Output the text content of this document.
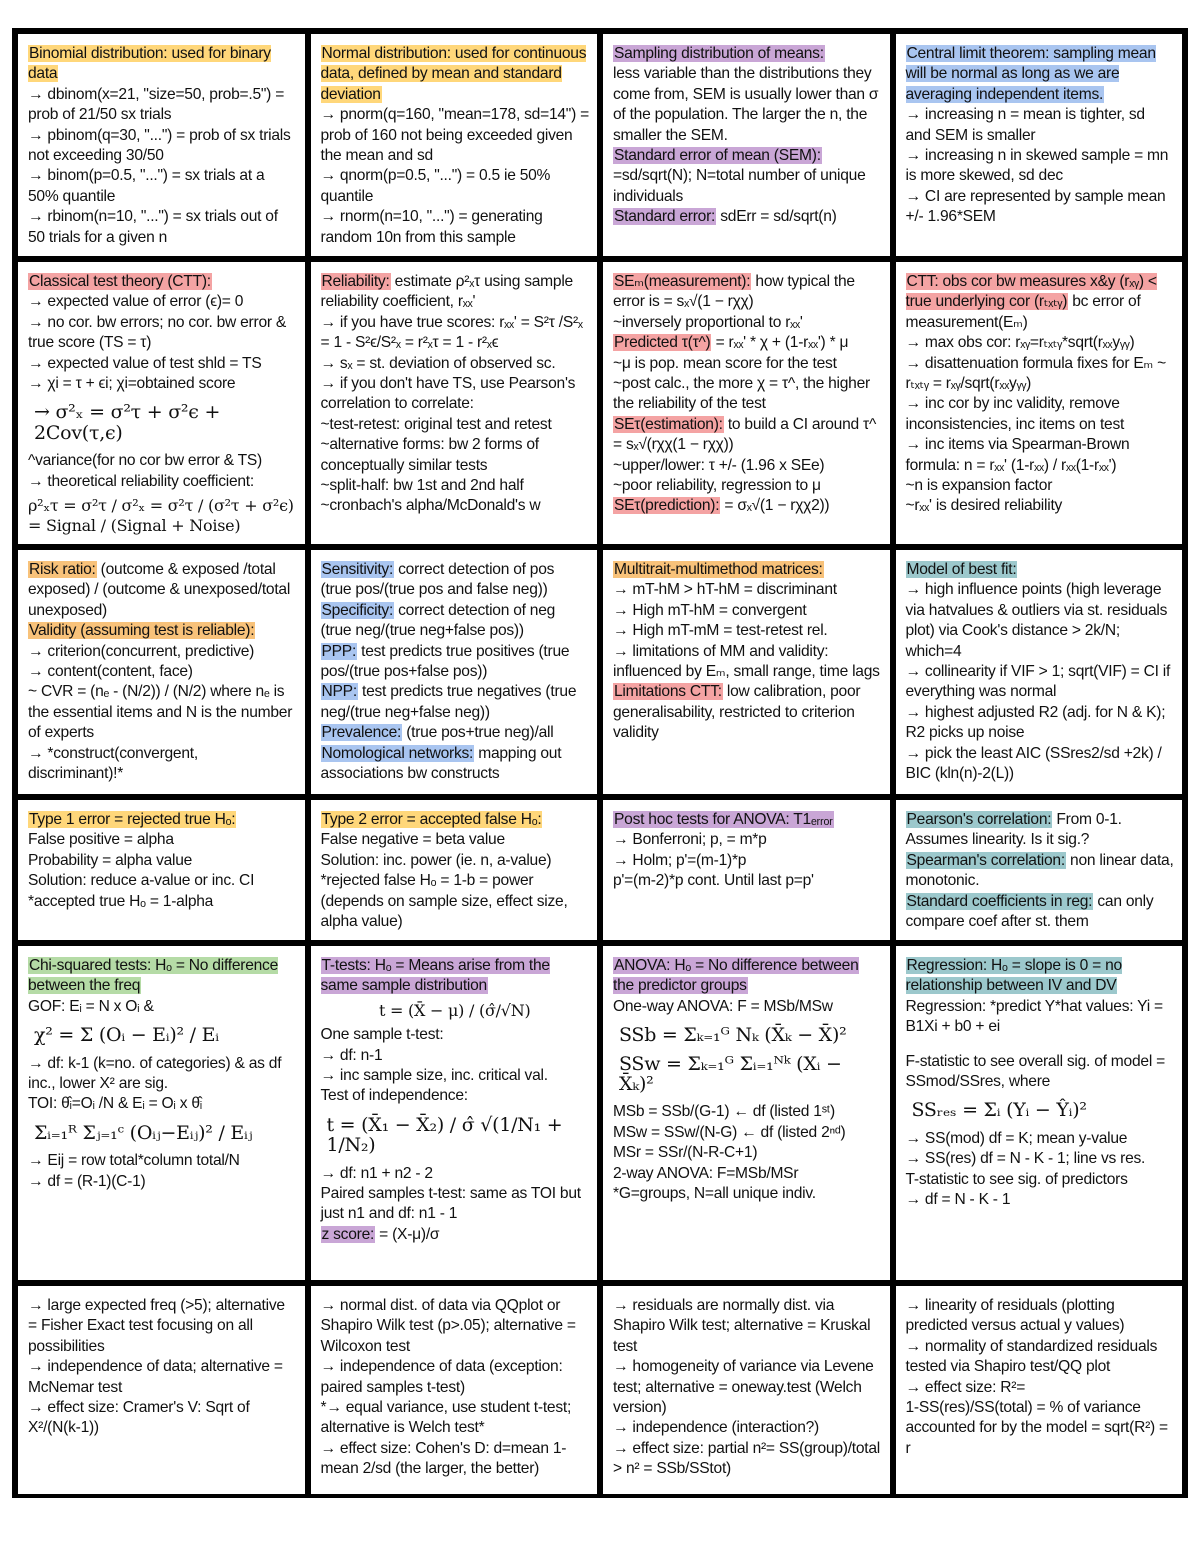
Binomial distribution: used for binary data
→ dbinom(x=21, "size=50, prob=.5") = prob of 21/50 sx trials
→ pbinom(q=30, "...") = prob of sx trials not exceeding 30/50
→ binom(p=0.5, "...") = sx trials at a 50% quantile
→ rbinom(n=10, "...") = sx trials out of 50 trials for a given n
Normal distribution: used for continuous data, defined by mean and standard deviation
→ pnorm(q=160, "mean=178, sd=14") = prob of 160 not being exceeded given the mean and sd
→ qnorm(p=0.5, "...") = 0.5 ie 50% quantile
→ rnorm(n=10, "...") = generating random 10n from this sample
Sampling distribution of means:
less variable than the distributions they come from, SEM is usually lower than σ of the population. The larger the n, the smaller the SEM.
Standard error of mean (SEM):
=sd/sqrt(N); N=total number of unique individuals
Standard error: sdErr = sd/sqrt(n)
Central limit theorem: sampling mean will be normal as long as we are averaging independent items.
→ increasing n = mean is tighter, sd and SEM is smaller
→ increasing n in skewed sample = mn is more skewed, sd dec
→ CI are represented by sample mean +/- 1.96*SEM
Classical test theory (CTT):
→ expected value of error (ϵ)= 0
→ no cor. bw errors; no cor. bw error & true score (TS = τ)
→ expected value of test shld = TS
→ χi = τ + ϵi; χi=obtained score
→ σ²ₓ = σ²τ + σ²ϵ + 2Cov(τ,ϵ)
^variance(for no cor bw error & TS)
→ theoretical reliability coefficient:
ρ²ₓτ = σ²τ / σ²ₓ = σ²τ / (σ²τ + σ²ϵ) = Signal / (Signal + Noise)
Reliability: estimate ρ²ₓτ using sample reliability coefficient, rₓₓ'
→ if you have true scores: rₓₓ' = S²τ /S²ₓ = 1 - S²ϵ/S²ₓ = r²ₓτ = 1 - r²ₓϵ
→ sₓ = st. deviation of observed sc.
→ if you don't have TS, use Pearson's correlation to correlate:
~test-retest: original test and retest
~alternative forms: bw 2 forms of conceptually similar tests
~split-half: bw 1st and 2nd half
~cronbach's alpha/McDonald's w
SEₘ(measurement): how typical the error is = sₓ√(1 − rχχ)
~inversely proportional to rₓₓ'
Predicted τ(τ^) = rₓₓ' * χ + (1-rₓₓ') * μ
~μ is pop. mean score for the test
~post calc., the more χ = τ^, the higher the reliability of the test
SEτ(estimation): to build a CI around τ^ = sₓ√(rχχ(1 − rχχ))
~upper/lower: τ +/- (1.96 x SEe)
~poor reliability, regression to μ
SEτ(prediction): = σₓ√(1 − rχχ2))
CTT: obs cor bw measures x&y (rₓᵧ) < true underlying cor (rₜₓₜᵧ) bc error of measurement(Eₘ)
→ max obs cor: rₓᵧ=rₜₓₜᵧ*sqrt(rₓₓyᵧᵧ)
→ disattenuation formula fixes for Eₘ ~ rₜₓₜᵧ = rₓᵧ/sqrt(rₓₓyᵧᵧ)
→ inc cor by inc validity, remove inconsistencies, inc items on test
→ inc items via Spearman-Brown formula: n = rₓₓ' (1-rₓₓ) / rₓₓ(1-rₓₓ')
~n is expansion factor
~rₓₓ' is desired reliability
Risk ratio: (outcome & exposed /total exposed) / (outcome & unexposed/total unexposed)
Validity (assuming test is reliable):
→ criterion(concurrent, predictive)
→ content(content, face)
~ CVR = (nₑ - (N/2)) / (N/2) where nₑ is the essential items and N is the number of experts
→ *construct(convergent, discriminant)!*
Sensitivity: correct detection of pos (true pos/(true pos and false neg))
Specificity: correct detection of neg (true neg/(true neg+false pos))
PPP: test predicts true positives (true pos/(true pos+false pos))
NPP: test predicts true negatives (true neg/(true neg+false neg))
Prevalence: (true pos+true neg)/all
Nomological networks: mapping out associations bw constructs
Multitrait-multimethod matrices:
→ mT-hM > hT-hM = discriminant
→ High mT-hM = convergent
→ High mT-mM = test-retest rel.
→ limitations of MM and validity: influenced by Eₘ, small range, time lags
Limitations CTT: low calibration, poor generalisability, restricted to criterion validity
Model of best fit:
→ high influence points (high leverage via hatvalues & outliers via st. residuals plot) via Cook's distance > 2k/N; which=4
→ collinearity if VIF > 1; sqrt(VIF) = CI if everything was normal
→ highest adjusted R2 (adj. for N & K); R2 picks up noise
→ pick the least AIC (SSres2/sd +2k) / BIC (kln(n)-2(L))
Type 1 error = rejected true Hₒ:
False positive = alpha
Probability = alpha value
Solution: reduce a-value or inc. CI
*accepted true Hₒ = 1-alpha
Type 2 error = accepted false Hₒ:
False negative = beta value
Solution: inc. power (ie. n, a-value)
*rejected false Hₒ = 1-b = power (depends on sample size, effect size, alpha value)
Post hoc tests for ANOVA: T1ₑᵣᵣₒᵣ
→ Bonferroni; p, = m*p
→ Holm; p'=(m-1)*p
p'=(m-2)*p cont. Until last p=p'
Pearson's correlation: From 0-1. Assumes linearity. Is it sig.?
Spearman's correlation: non linear data, monotonic.
Standard coefficients in reg: can only compare coef after st. them
Chi-squared tests: Hₒ = No difference between the freq
GOF: Eᵢ = N x Oᵢ &
χ² = Σ (Oᵢ − Eᵢ)² / Eᵢ
→ df: k-1 (k=no. of categories) & as df inc., lower X² are sig.
TOI: θ̂ᵢ=Oᵢ /N & Eᵢ = Oᵢ x θ̂ᵢ
Σᵢ₌₁ᴿ Σⱼ₌₁ᶜ (Oᵢⱼ−Eᵢⱼ)² / Eᵢⱼ
→ Eij = row total*column total/N
→ df = (R-1)(C-1)
T-tests: Hₒ = Means arise from the same sample distribution
t = (X̄ − μ) / (σ̂/√N)
One sample t-test:
→ df: n-1
→ inc sample size, inc. critical val.
Test of independence:
t = (X̄₁ − X̄₂) / σ̂ √(1/N₁ + 1/N₂)
→ df: n1 + n2 - 2
Paired samples t-test: same as TOI but just n1 and df: n1 - 1
z score: = (X-μ)/σ
ANOVA: Hₒ = No difference between the predictor groups
One-way ANOVA: F = MSb/MSw
SSb = Σₖ₌₁ᴳ Nₖ (X̄ₖ − X̄)²
SSw = Σₖ₌₁ᴳ Σᵢ₌₁ᴺᵏ (Xᵢ − X̄ₖ)²
MSb = SSb/(G-1) ← df (listed 1ˢᵗ)
MSw = SSw/(N-G) ← df (listed 2ⁿᵈ)
MSr = SSr/(N-R-C+1)
2-way ANOVA: F=MSb/MSr
*G=groups, N=all unique indiv.
Regression: Hₒ = slope is 0 = no relationship between IV and DV
Regression: *predict Y*hat values: Yi = B1Xi + b0 + ei
F-statistic to see overall sig. of model = SSmod/SSres, where
SSᵣₑₛ = Σᵢ (Yᵢ − Ŷᵢ)²
→ SS(mod) df = K; mean y-value
→ SS(res) df = N - K - 1; line vs res.
T-statistic to see sig. of predictors
→ df = N - K - 1
→ large expected freq (>5); alternative = Fisher Exact test focusing on all possibilities
→ independence of data; alternative = McNemar test
→ effect size: Cramer's V: Sqrt of X²/(N(k-1))
→ normal dist. of data via QQplot or Shapiro Wilk test (p>.05); alternative = Wilcoxon test
→ independence of data (exception: paired samples t-test)
*→ equal variance, use student t-test; alternative is Welch test*
→ effect size: Cohen's D: d=mean 1-mean 2/sd (the larger, the better)
→ residuals are normally dist. via Shapiro Wilk test; alternative = Kruskal test
→ homogeneity of variance via Levene test; alternative = oneway.test (Welch version)
→ independence (interaction?)
→ effect size: partial n²= SS(group)/total > n² = SSb/SStot)
→ linearity of residuals (plotting predicted versus actual y values)
→ normality of standardized residuals tested via Shapiro test/QQ plot
→ effect size: R²=
1-SS(res)/SS(total) = % of variance accounted for by the model = sqrt(R²) = r
